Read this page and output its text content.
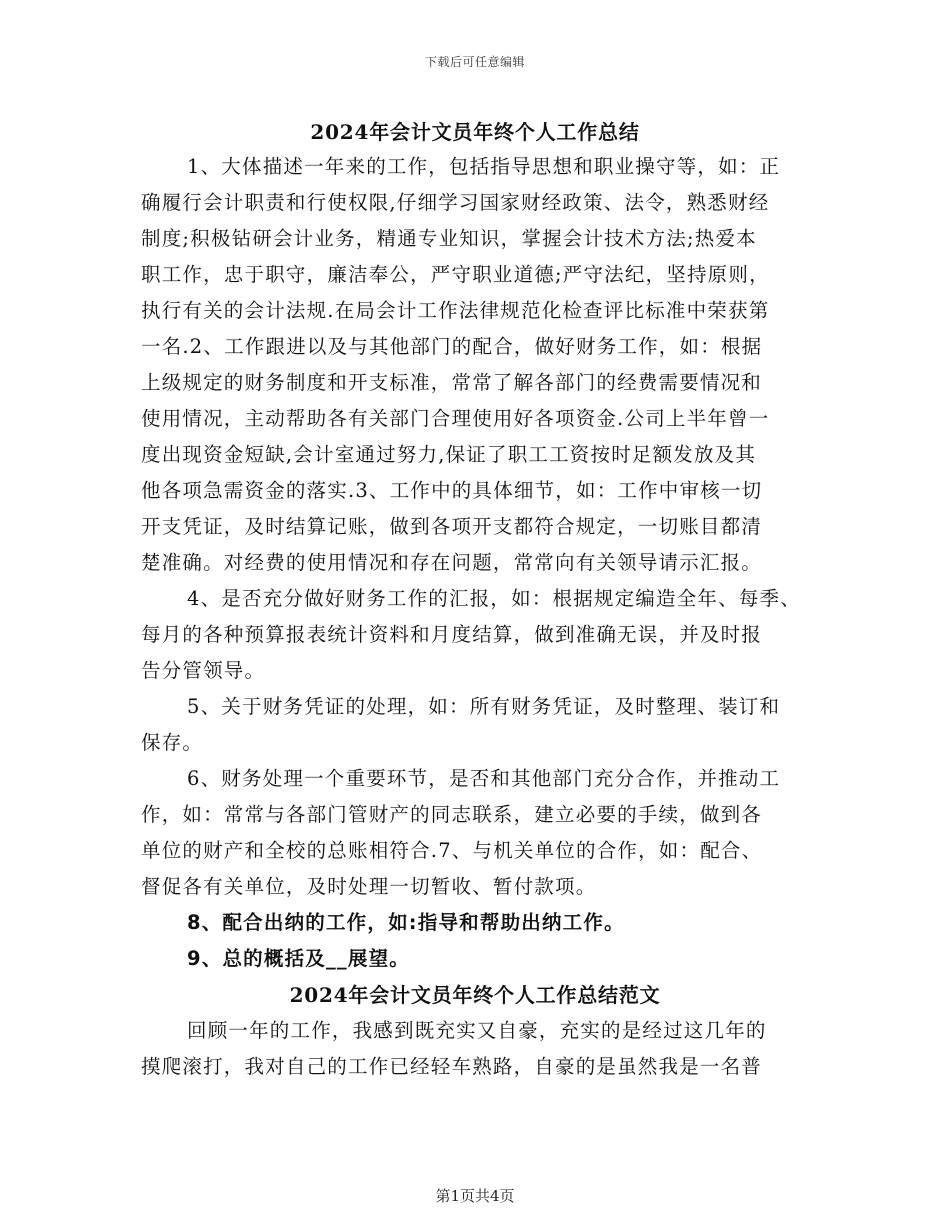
下载后可任意编辑
2024年会计文员年终个人工作总结

1、大体描述一年来的工作，包括指导思想和职业操守等，如：正

确履行会计职责和行使权限,仔细学习国家财经政策、法令，熟悉财经

制度;积极钻研会计业务，精通专业知识，掌握会计技术方法;热爱本

职工作，忠于职守，廉洁奉公，严守职业道德;严守法纪，坚持原则，

执行有关的会计法规.在局会计工作法律规范化检查评比标准中荣获第

一名.2、工作跟进以及与其他部门的配合，做好财务工作，如：根据

上级规定的财务制度和开支标准，常常了解各部门的经费需要情况和

使用情况，主动帮助各有关部门合理使用好各项资金.公司上半年曾一

度出现资金短缺,会计室通过努力,保证了职工工资按时足额发放及其

他各项急需资金的落实.3、工作中的具体细节，如：工作中审核一切

开支凭证，及时结算记账，做到各项开支都符合规定，一切账目都清

楚准确。对经费的使用情况和存在问题，常常向有关领导请示汇报。

4、是否充分做好财务工作的汇报，如：根据规定编造全年、每季、

每月的各种预算报表统计资料和月度结算，做到准确无误，并及时报

告分管领导。

5、关于财务凭证的处理，如：所有财务凭证，及时整理、装订和

保存。

6、财务处理一个重要环节，是否和其他部门充分合作，并推动工

作，如：常常与各部门管财产的同志联系，建立必要的手续，做到各

单位的财产和全校的总账相符合.7、与机关单位的合作，如：配合、

督促各有关单位，及时处理一切暂收、暂付款项。

8、配合出纳的工作，如:指导和帮助出纳工作。

9、总的概括及__展望。

2024年会计文员年终个人工作总结范文

回顾一年的工作，我感到既充实又自豪，充实的是经过这几年的

摸爬滚打，我对自己的工作已经轻车熟路，自豪的是虽然我是一名普

第1页共4页
